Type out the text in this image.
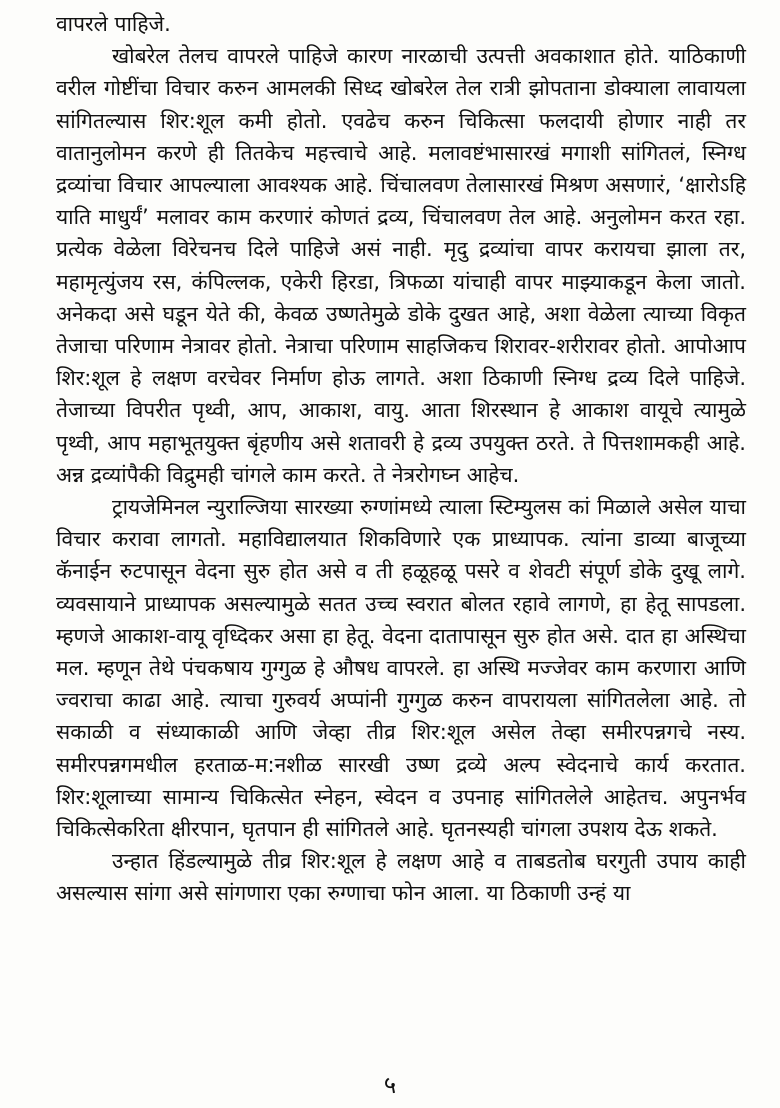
वापरले पाहिजे.

खोबरेल तेलच वापरले पाहिजे कारण नारळाची उत्पत्ती अवकाशात होते. याठिकाणी वरील गोष्टींचा विचार करुन आमलकी सिध्द खोबरेल तेल रात्री झोपताना डोक्याला लावायला सांगितल्यास शिर:शूल कमी होतो. एवढेच करुन चिकित्सा फलदायी होणार नाही तर वातानुलोमन करणे ही तितकेच महत्त्वाचे आहे. मलावष्टंभासारखं मगाशी सांगितलं, स्निग्ध द्रव्यांचा विचार आपल्याला आवश्यक आहे. चिंचालवण तेलासारखं मिश्रण असणारं, ‘क्षारोऽहि याति माधुर्यं’ मलावर काम करणारं कोणतं द्रव्य, चिंचालवण तेल आहे. अनुलोमन करत रहा. प्रत्येक वेळेला विरेचनच दिले पाहिजे असं नाही. मृदु द्रव्यांचा वापर करायचा झाला तर, महामृत्युंजय रस, कंपिल्लक, एकेरी हिरडा, त्रिफळा यांचाही वापर माझ्याकडून केला जातो. अनेकदा असे घडून येते की, केवळ उष्णतेमुळे डोके दुखत आहे, अशा वेळेला त्याच्या विकृत तेजाचा परिणाम नेत्रावर होतो. नेत्राचा परिणाम साहजिकच शिरावर-शरीरावर होतो. आपोआप शिर:शूल हे लक्षण वरचेवर निर्माण होऊ लागते. अशा ठिकाणी स्निग्ध द्रव्य दिले पाहिजे. तेजाच्या विपरीत पृथ्वी, आप, आकाश, वायु. आता शिरस्थान हे आकाश वायूचे त्यामुळे पृथ्वी, आप महाभूतयुक्त बृंहणीय असे शतावरी हे द्रव्य उपयुक्त ठरते. ते पित्तशामकही आहे. अन्न द्रव्यांपैकी विद्रुमही चांगले काम करते. ते नेत्ररोगघ्न आहेच.

ट्रायजेमिनल न्युराल्जिया सारख्या रुग्णांमध्ये त्याला स्टिम्युलस कां मिळाले असेल याचा विचार करावा लागतो. महाविद्यालयात शिकविणारे एक प्राध्यापक. त्यांना डाव्या बाजूच्या कॅनाईन रुटपासून वेदना सुरु होत असे व ती हळूहळू पसरे व शेवटी संपूर्ण डोके दुखू लागे. व्यवसायाने प्राध्यापक असल्यामुळे सतत उच्च स्वरात बोलत रहावे लागणे, हा हेतू सापडला. म्हणजे आकाश-वायू वृध्दिकर असा हा हेतू. वेदना दातापासून सुरु होत असे. दात हा अस्थिचा मल. म्हणून तेथे पंचकषाय गुग्गुळ हे औषध वापरले. हा अस्थि मज्जेवर काम करणारा आणि ज्वराचा काढा आहे. त्याचा गुरुवर्य अप्पांनी गुग्गुळ करुन वापरायला सांगितलेला आहे. तो सकाळी व संध्याकाळी आणि जेव्हा तीव्र शिर:शूल असेल तेव्हा समीरपन्नगचे नस्य. समीरपन्नगमधील हरताळ-म:नशीळ सारखी उष्ण द्रव्ये अल्प स्वेदनाचे कार्य करतात. शिर:शूलाच्या सामान्य चिकित्सेत स्नेहन, स्वेदन व उपनाह सांगितलेले आहेतच. अपुनर्भव चिकित्सेकरिता क्षीरपान, घृतपान ही सांगितले आहे. घृतनस्यही चांगला उपशय देऊ शकते.

उन्हात हिंडल्यामुळे तीव्र शिर:शूल हे लक्षण आहे व ताबडतोब घरगुती उपाय काही असल्यास सांगा असे सांगणारा एका रुग्णाचा फोन आला. या ठिकाणी उन्हं या

५
